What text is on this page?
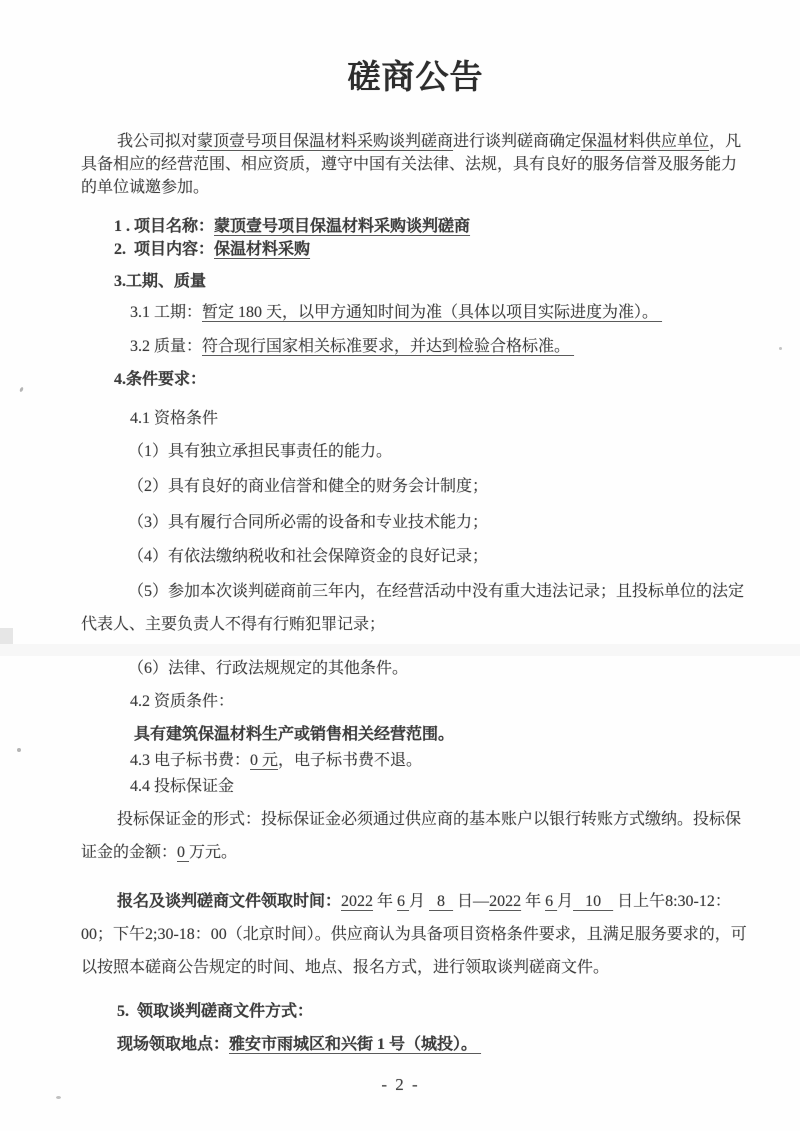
磋商公告

我公司拟对蒙顶壹号项目保温材料采购谈判磋商进行谈判磋商确定保温材料供应单位，凡具备相应的经营范围、相应资质，遵守中国有关法律、法规，具有良好的服务信誉及服务能力的单位诚邀参加。

1 . 项目名称：蒙顶壹号项目保温材料采购谈判磋商
2.  项目内容：保温材料采购
3.工期、质量
3.1 工期：暂定 180 天，以甲方通知时间为准（具体以项目实际进度为准）。
3.2 质量：符合现行国家相关标准要求，并达到检验合格标准。
4.条件要求：
4.1 资格条件
（1）具有独立承担民事责任的能力。
（2）具有良好的商业信誉和健全的财务会计制度；
（3）具有履行合同所必需的设备和专业技术能力；
（4）有依法缴纳税收和社会保障资金的良好记录；

（5）参加本次谈判磋商前三年内，在经营活动中没有重大违法记录；且投标单位的法定代表人、主要负责人不得有行贿犯罪记录；

（6）法律、行政法规规定的其他条件。
4.2 资质条件：
具有建筑保温材料生产或销售相关经营范围。
4.3 电子标书费：0 元，电子标书费不退。
4.4 投标保证金

投标保证金的形式：投标保证金必须通过供应商的基本账户以银行转账方式缴纳。投标保证金的金额：0 万元。

报名及谈判磋商文件领取时间：2022 年 6 月   8   日—2022 年 6 月   10    日上午8:30-12：00；下午2;30-18：00（北京时间）。供应商认为具备项目资格条件要求，且满足服务要求的，可以按照本磋商公告规定的时间、地点、报名方式，进行领取谈判磋商文件。

5.  领取谈判磋商文件方式：
现场领取地点：雅安市雨城区和兴街 1 号（城投）。
- 2 -
